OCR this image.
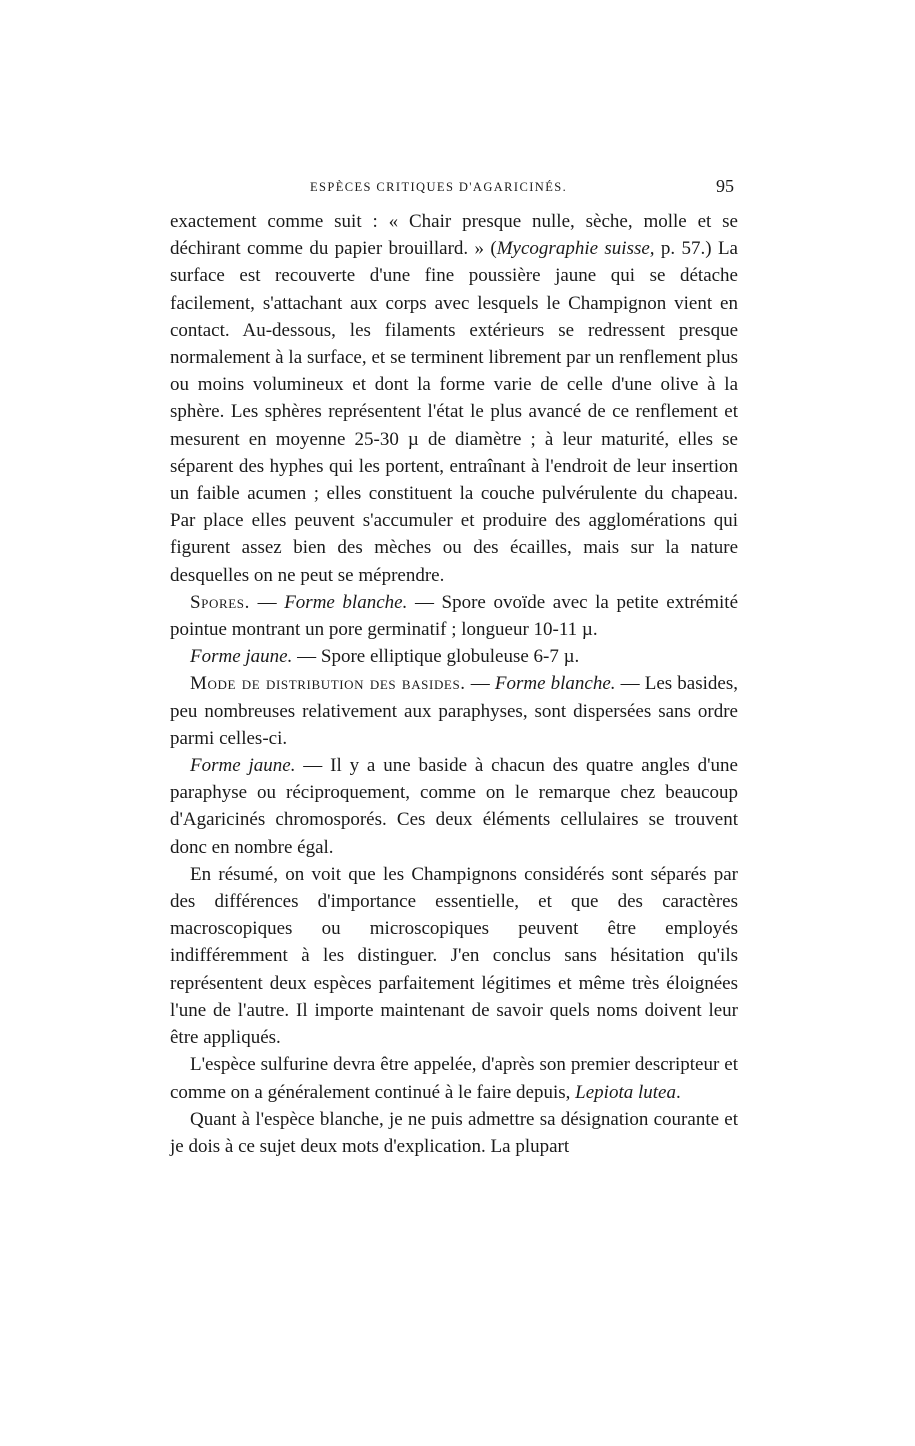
ESPÈCES CRITIQUES D'AGARICINÉS.	95

exactement comme suit : « Chair presque nulle, sèche, molle et se déchirant comme du papier brouillard. » (Mycographie suisse, p. 57.) La surface est recouverte d'une fine poussière jaune qui se détache facilement, s'attachant aux corps avec lesquels le Champignon vient en contact. Au-dessous, les filaments extérieurs se redressent presque normalement à la surface, et se terminent librement par un renflement plus ou moins volumineux et dont la forme varie de celle d'une olive à la sphère. Les sphères représentent l'état le plus avancé de ce renflement et mesurent en moyenne 25-30 µ de diamètre ; à leur maturité, elles se séparent des hyphes qui les portent, entraînant à l'endroit de leur insertion un faible acumen ; elles constituent la couche pulvérulente du chapeau. Par place elles peuvent s'accumuler et produire des agglomérations qui figurent assez bien des mèches ou des écailles, mais sur la nature desquelles on ne peut se méprendre.

Spores. — Forme blanche. — Spore ovoïde avec la petite extrémité pointue montrant un pore germinatif ; longueur 10-11 µ.

Forme jaune. — Spore elliptique globuleuse 6-7 µ.

Mode de distribution des basides. — Forme blanche. — Les basides, peu nombreuses relativement aux paraphyses, sont dispersées sans ordre parmi celles-ci.

Forme jaune. — Il y a une baside à chacun des quatre angles d'une paraphyse ou réciproquement, comme on le remarque chez beaucoup d'Agaricinés chromosporés. Ces deux éléments cellulaires se trouvent donc en nombre égal.

En résumé, on voit que les Champignons considérés sont séparés par des différences d'importance essentielle, et que des caractères macroscopiques ou microscopiques peuvent être employés indifféremment à les distinguer. J'en conclus sans hésitation qu'ils représentent deux espèces parfaitement légitimes et même très éloignées l'une de l'autre. Il importe maintenant de savoir quels noms doivent leur être appliqués.

L'espèce sulfurine devra être appelée, d'après son premier descripteur et comme on a généralement continué à le faire depuis, Lepiota lutea.

Quant à l'espèce blanche, je ne puis admettre sa désignation courante et je dois à ce sujet deux mots d'explication. La plupart
